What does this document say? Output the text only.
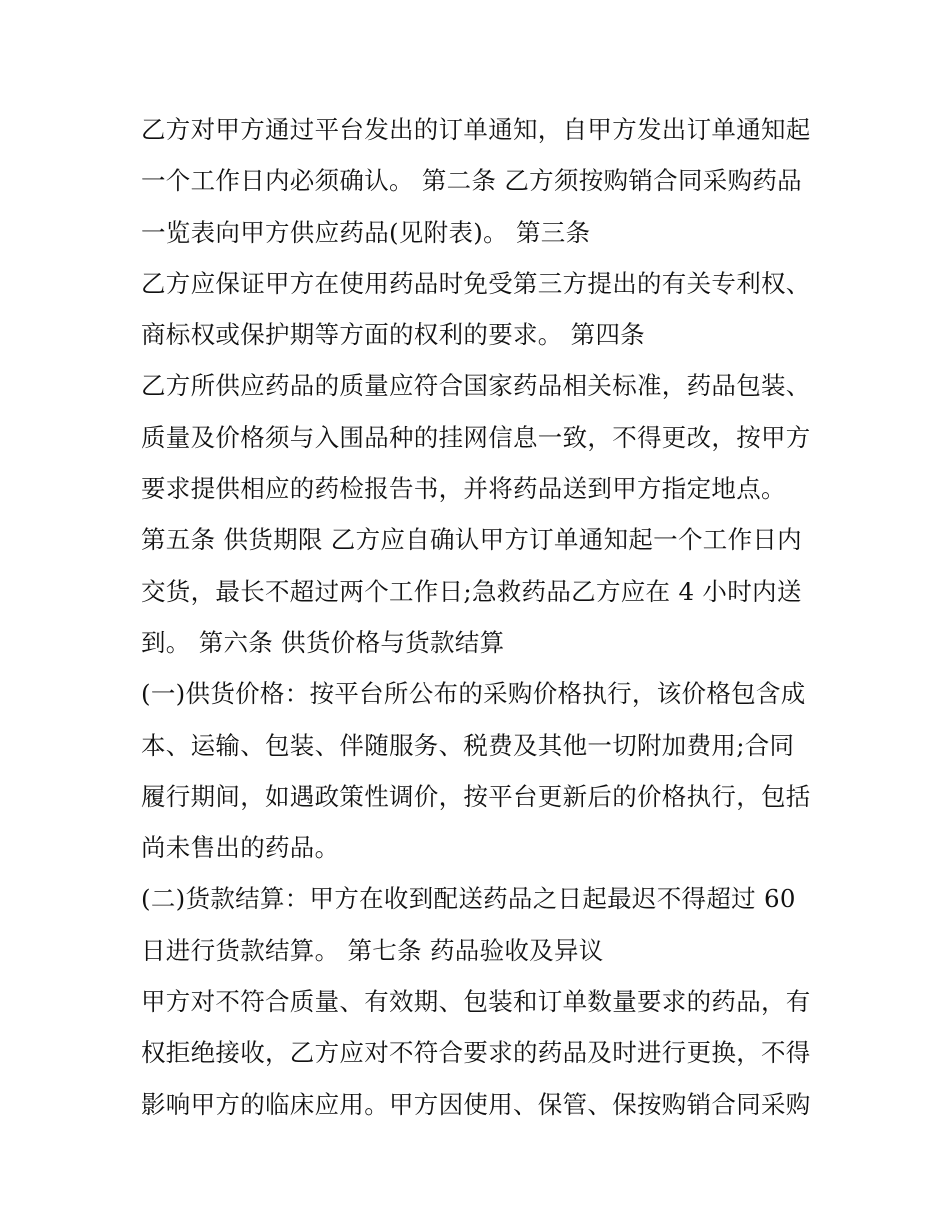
乙方对甲方通过平台发出的订单通知，自甲方发出订单通知起
一个工作日内必须确认。 第二条 乙方须按购销合同采购药品
一览表向甲方供应药品(见附表)。 第三条
乙方应保证甲方在使用药品时免受第三方提出的有关专利权、
商标权或保护期等方面的权利的要求。 第四条
乙方所供应药品的质量应符合国家药品相关标准，药品包装、
质量及价格须与入围品种的挂网信息一致，不得更改，按甲方
要求提供相应的药检报告书，并将药品送到甲方指定地点。
第五条 供货期限 乙方应自确认甲方订单通知起一个工作日内
交货，最长不超过两个工作日;急救药品乙方应在 4 小时内送
到。 第六条 供货价格与货款结算
(一)供货价格：按平台所公布的采购价格执行，该价格包含成
本、运输、包装、伴随服务、税费及其他一切附加费用;合同
履行期间，如遇政策性调价，按平台更新后的价格执行，包括
尚未售出的药品。
(二)货款结算：甲方在收到配送药品之日起最迟不得超过 60
日进行货款结算。 第七条 药品验收及异议
甲方对不符合质量、有效期、包装和订单数量要求的药品，有
权拒绝接收，乙方应对不符合要求的药品及时进行更换，不得
影响甲方的临床应用。甲方因使用、保管、保按购销合同采购
